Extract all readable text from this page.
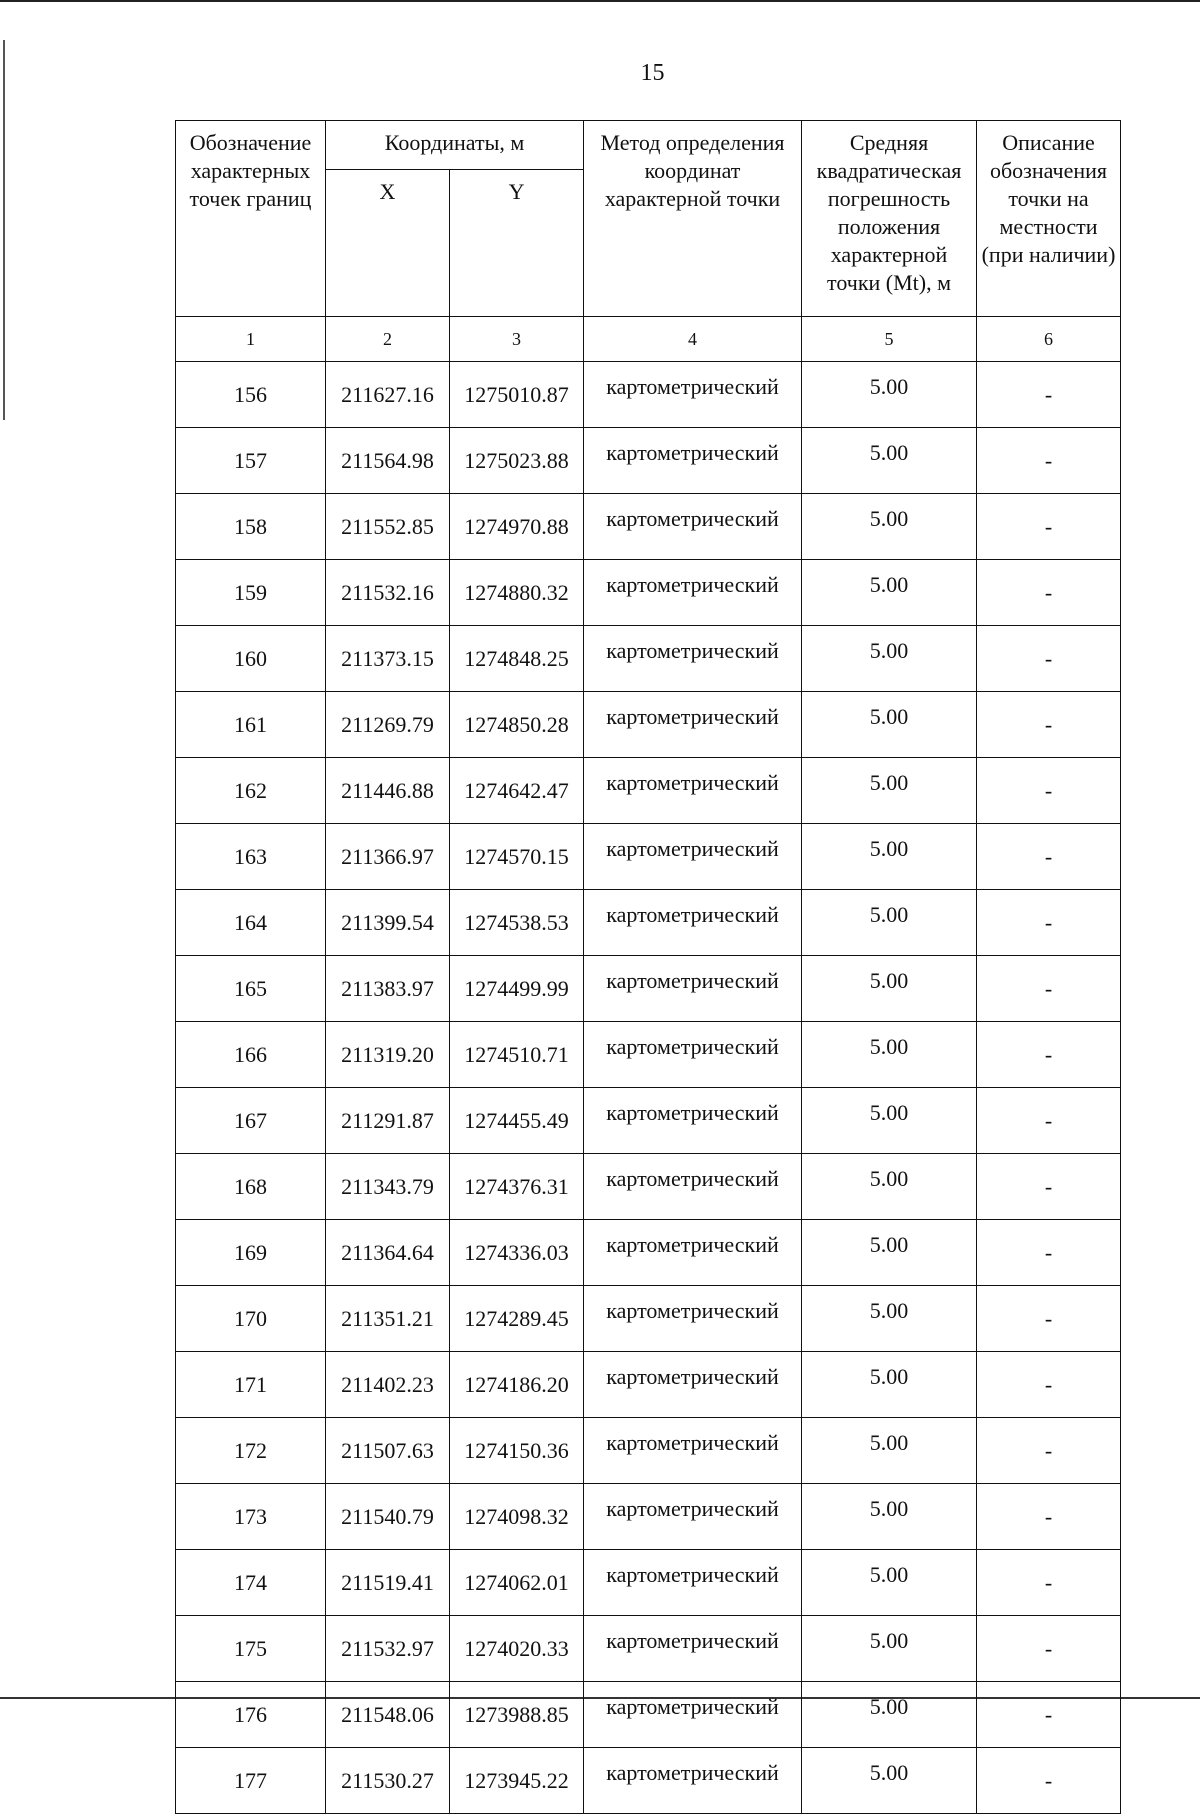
15
Обозначение характерных точек границ	Координаты, м		Метод определения координат характерной точки	Средняя квадратическая погрешность положения характерной точки (Mt), м	Описание обозначения точки на местности (при наличии)
	X	Y			
1	2	3	4	5	6
156	211627.16	1275010.87	картометрический	5.00	-
157	211564.98	1275023.88	картометрический	5.00	-
158	211552.85	1274970.88	картометрический	5.00	-
159	211532.16	1274880.32	картометрический	5.00	-
160	211373.15	1274848.25	картометрический	5.00	-
161	211269.79	1274850.28	картометрический	5.00	-
162	211446.88	1274642.47	картометрический	5.00	-
163	211366.97	1274570.15	картометрический	5.00	-
164	211399.54	1274538.53	картометрический	5.00	-
165	211383.97	1274499.99	картометрический	5.00	-
166	211319.20	1274510.71	картометрический	5.00	-
167	211291.87	1274455.49	картометрический	5.00	-
168	211343.79	1274376.31	картометрический	5.00	-
169	211364.64	1274336.03	картометрический	5.00	-
170	211351.21	1274289.45	картометрический	5.00	-
171	211402.23	1274186.20	картометрический	5.00	-
172	211507.63	1274150.36	картометрический	5.00	-
173	211540.79	1274098.32	картометрический	5.00	-
174	211519.41	1274062.01	картометрический	5.00	-
175	211532.97	1274020.33	картометрический	5.00	-
176	211548.06	1273988.85	картометрический	5.00	-
177	211530.27	1273945.22	картометрический	5.00	-
